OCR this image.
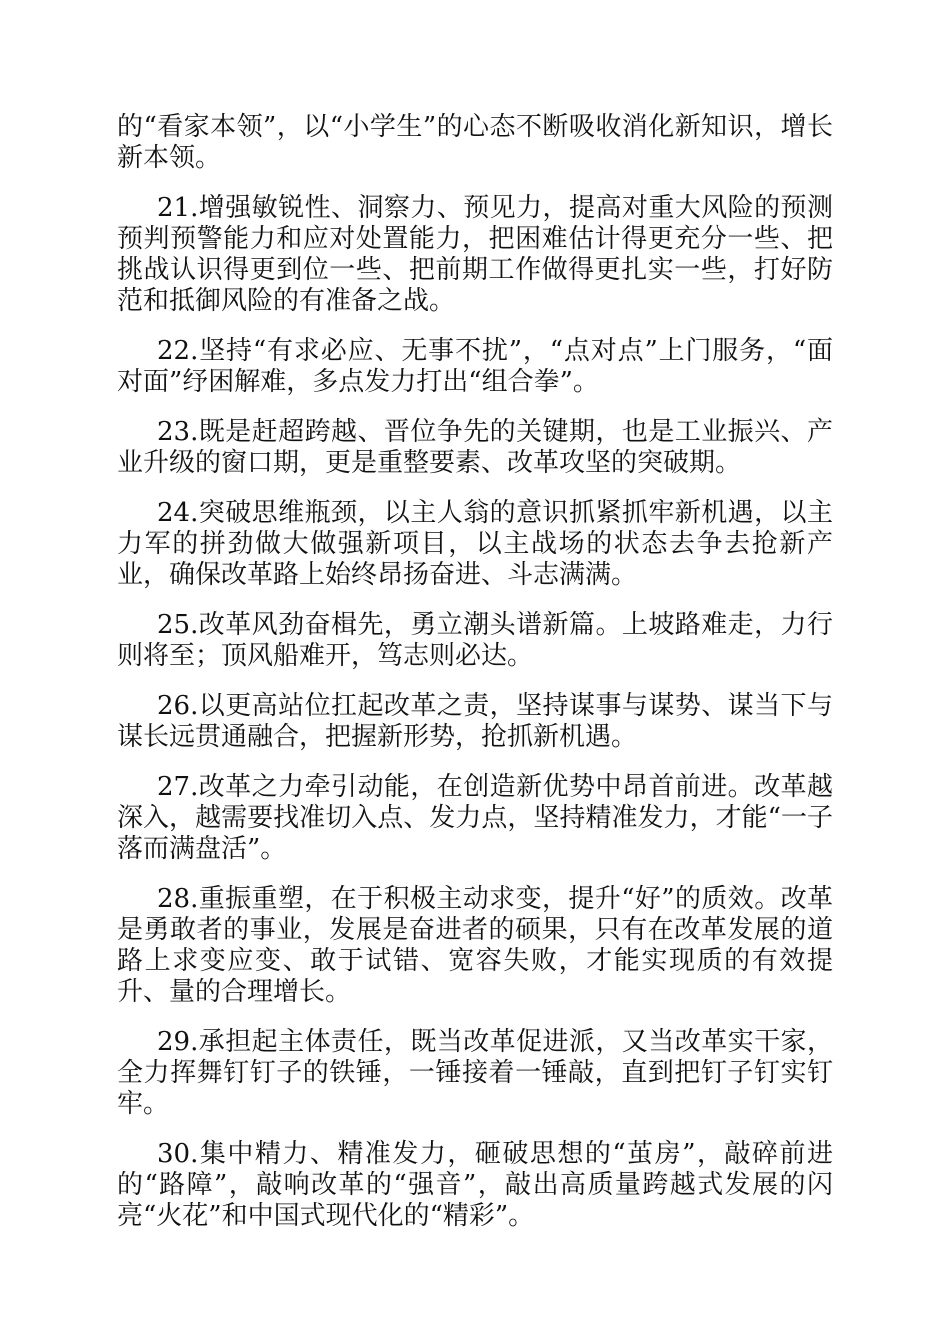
的“看家本领”，以“小学生”的心态不断吸收消化新知识，增长新本领。

21.增强敏锐性、洞察力、预见力，提高对重大风险的预测预判预警能力和应对处置能力，把困难估计得更充分一些、把挑战认识得更到位一些、把前期工作做得更扎实一些，打好防范和抵御风险的有准备之战。

22.坚持“有求必应、无事不扰”，“点对点”上门服务，“面对面”纾困解难，多点发力打出“组合拳”。

23.既是赶超跨越、晋位争先的关键期，也是工业振兴、产业升级的窗口期，更是重整要素、改革攻坚的突破期。

24.突破思维瓶颈，以主人翁的意识抓紧抓牢新机遇，以主力军的拼劲做大做强新项目，以主战场的状态去争去抢新产业，确保改革路上始终昂扬奋进、斗志满满。

25.改革风劲奋楫先，勇立潮头谱新篇。上坡路难走，力行则将至；顶风船难开，笃志则必达。

26.以更高站位扛起改革之责，坚持谋事与谋势、谋当下与谋长远贯通融合，把握新形势，抢抓新机遇。

27.改革之力牵引动能，在创造新优势中昂首前进。改革越深入，越需要找准切入点、发力点，坚持精准发力，才能“一子落而满盘活”。

28.重振重塑，在于积极主动求变，提升“好”的质效。改革是勇敢者的事业，发展是奋进者的硕果，只有在改革发展的道路上求变应变、敢于试错、宽容失败，才能实现质的有效提升、量的合理增长。

29.承担起主体责任，既当改革促进派，又当改革实干家，全力挥舞钉钉子的铁锤，一锤接着一锤敲，直到把钉子钉实钉牢。

30.集中精力、精准发力，砸破思想的“茧房”，敲碎前进的“路障”，敲响改革的“强音”，敲出高质量跨越式发展的闪亮“火花”和中国式现代化的“精彩”。
